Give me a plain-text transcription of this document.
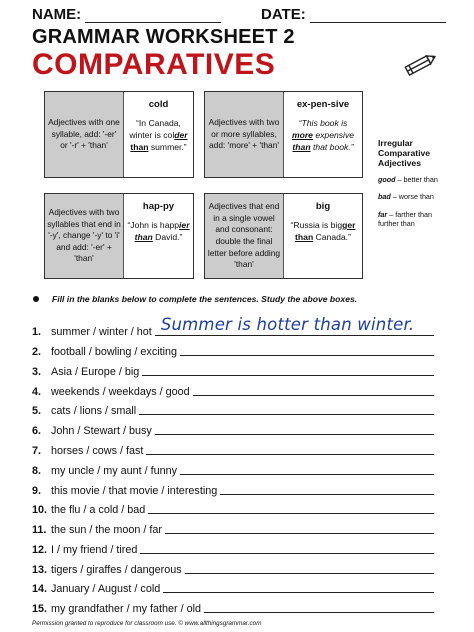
NAME:	DATE:
GRAMMAR WORKSHEET 2
COMPARATIVES
Adjectives with one syllable, add: '-er' or '-r' + 'than'
cold
“In Canada, winter is colder than summer.”
Adjectives with two or more syllables, add: 'more' + 'than'
ex-pen-sive
“This book is more expensive than that book.”
Adjectives with two syllables that end in '-y', change '-y' to 'i' and add: '-er' + 'than'
hap-py
“John is happier than David.”
Adjectives that end in a single vowel and consonant: double the final letter before adding 'than'
big
“Russia is bigger than Canada.”
Irregular Comparative Adjectives
good – better than
bad – worse than
far – farther than further than
Fill in the blanks below to complete the sentences. Study the above boxes.
1. summer / winter / hot Summer is hotter than winter.
2. football / bowling / exciting
3. Asia / Europe / big
4. weekends / weekdays / good
5. cats / lions / small
6. John / Stewart / busy
7. horses / cows / fast
8. my uncle / my aunt / funny
9. this movie / that movie / interesting
10. the flu / a cold / bad
11. the sun / the moon / far
12. I / my friend / tired
13. tigers / giraffes / dangerous
14. January / August / cold
15. my grandfather / my father / old
Permission granted to reproduce for classroom use. © www.allthingsgrammar.com
